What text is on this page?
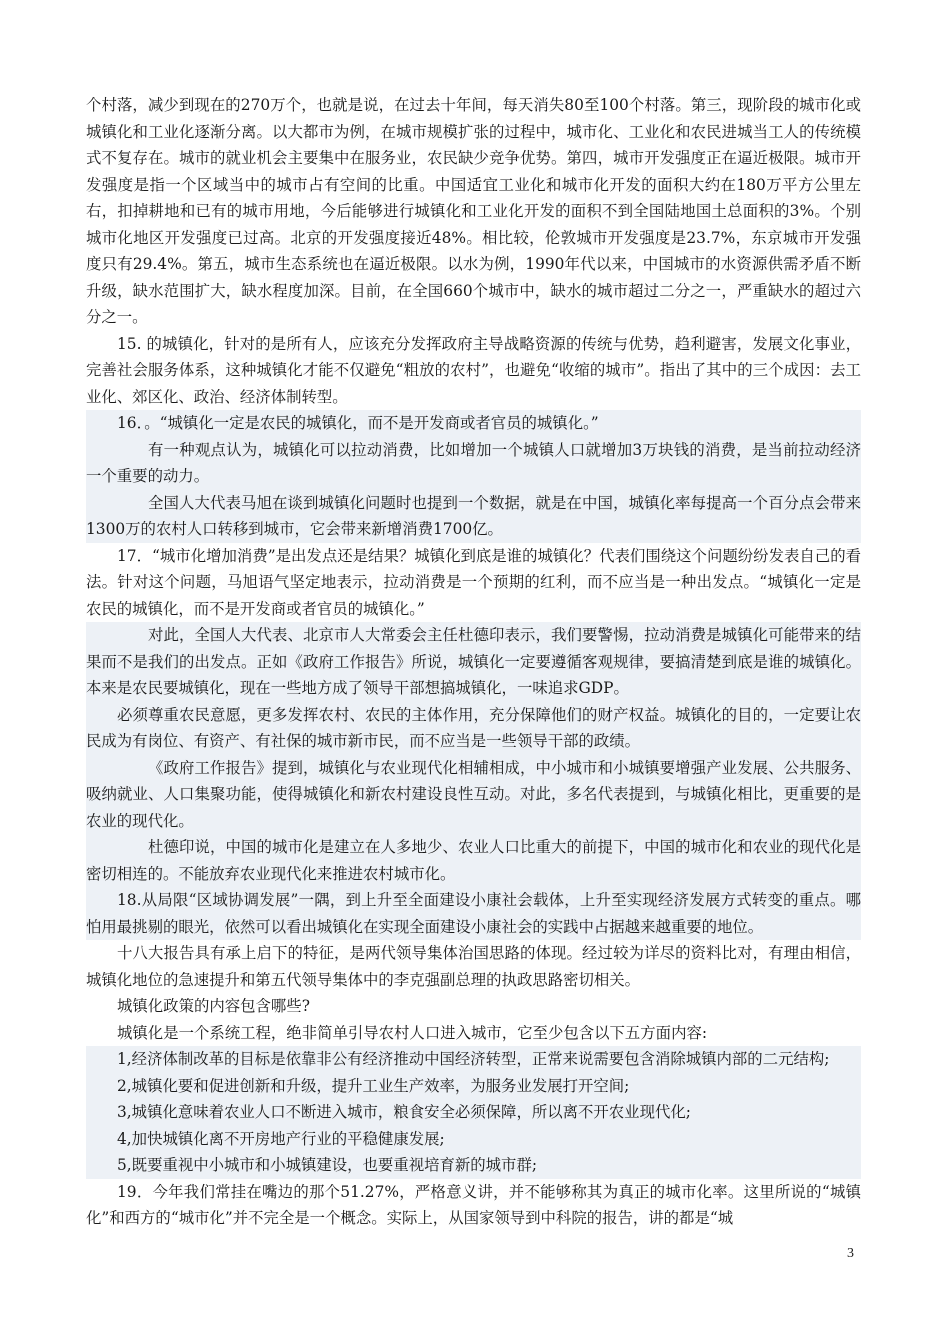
个村落，减少到现在的270万个，也就是说，在过去十年间，每天消失80至100个村落。第三，现阶段的城市化或城镇化和工业化逐渐分离。以大都市为例，在城市规模扩张的过程中，城市化、工业化和农民进城当工人的传统模式不复存在。城市的就业机会主要集中在服务业，农民缺少竞争优势。第四，城市开发强度正在逼近极限。城市开发强度是指一个区域当中的城市占有空间的比重。中国适宜工业化和城市化开发的面积大约在180万平方公里左右，扣掉耕地和已有的城市用地，今后能够进行城镇化和工业化开发的面积不到全国陆地国土总面积的3%。个别城市化地区开发强度已过高。北京的开发强度接近48%。相比较，伦敦城市开发强度是23.7%，东京城市开发强度只有29.4%。第五，城市生态系统也在逼近极限。以水为例，1990年代以来，中国城市的水资源供需矛盾不断升级，缺水范围扩大，缺水程度加深。目前，在全国660个城市中，缺水的城市超过二分之一，严重缺水的超过六分之一。

15. 的城镇化，针对的是所有人，应该充分发挥政府主导战略资源的传统与优势，趋利避害，发展文化事业，完善社会服务体系，这种城镇化才能不仅避免“粗放的农村”，也避免“收缩的城市”。指出了其中的三个成因：去工业化、郊区化、政治、经济体制转型。

16．。“城镇化一定是农民的城镇化，而不是开发商或者官员的城镇化。”

有一种观点认为，城镇化可以拉动消费，比如增加一个城镇人口就增加3万块钱的消费，是当前拉动经济一个重要的动力。

全国人大代表马旭在谈到城镇化问题时也提到一个数据，就是在中国，城镇化率每提高一个百分点会带来1300万的农村人口转移到城市，它会带来新增消费1700亿。

17．“城市化增加消费”是出发点还是结果？城镇化到底是谁的城镇化？代表们围绕这个问题纷纷发表自己的看法。针对这个问题，马旭语气坚定地表示，拉动消费是一个预期的红利，而不应当是一种出发点。“城镇化一定是农民的城镇化，而不是开发商或者官员的城镇化。”

对此，全国人大代表、北京市人大常委会主任杜德印表示，我们要警惕，拉动消费是城镇化可能带来的结果而不是我们的出发点。正如《政府工作报告》所说，城镇化一定要遵循客观规律，要搞清楚到底是谁的城镇化。本来是农民要城镇化，现在一些地方成了领导干部想搞城镇化，一味追求GDP。

必须尊重农民意愿，更多发挥农村、农民的主体作用，充分保障他们的财产权益。城镇化的目的，一定要让农民成为有岗位、有资产、有社保的城市新市民，而不应当是一些领导干部的政绩。

《政府工作报告》提到，城镇化与农业现代化相辅相成，中小城市和小城镇要增强产业发展、公共服务、吸纳就业、人口集聚功能，使得城镇化和新农村建设良性互动。对此，多名代表提到，与城镇化相比，更重要的是农业的现代化。

杜德印说，中国的城市化是建立在人多地少、农业人口比重大的前提下，中国的城市化和农业的现代化是密切相连的。不能放弃农业现代化来推进农村城市化。

18.从局限“区域协调发展”一隅，到上升至全面建设小康社会载体，上升至实现经济发展方式转变的重点。哪怕用最挑剔的眼光，依然可以看出城镇化在实现全面建设小康社会的实践中占据越来越重要的地位。

十八大报告具有承上启下的特征，是两代领导集体治国思路的体现。经过较为详尽的资料比对，有理由相信，城镇化地位的急速提升和第五代领导集体中的李克强副总理的执政思路密切相关。

城镇化政策的内容包含哪些?

城镇化是一个系统工程，绝非简单引导农村人口进入城市，它至少包含以下五方面内容:

1,经济体制改革的目标是依靠非公有经济推动中国经济转型，正常来说需要包含消除城镇内部的二元结构;

2,城镇化要和促进创新和升级，提升工业生产效率，为服务业发展打开空间;

3,城镇化意味着农业人口不断进入城市，粮食安全必须保障，所以离不开农业现代化;

4,加快城镇化离不开房地产行业的平稳健康发展;

5,既要重视中小城市和小城镇建设，也要重视培育新的城市群;

19．今年我们常挂在嘴边的那个51.27%，严格意义讲，并不能够称其为真正的城市化率。这里所说的“城镇化”和西方的“城市化”并不完全是一个概念。实际上，从国家领导到中科院的报告，讲的都是“城

3
